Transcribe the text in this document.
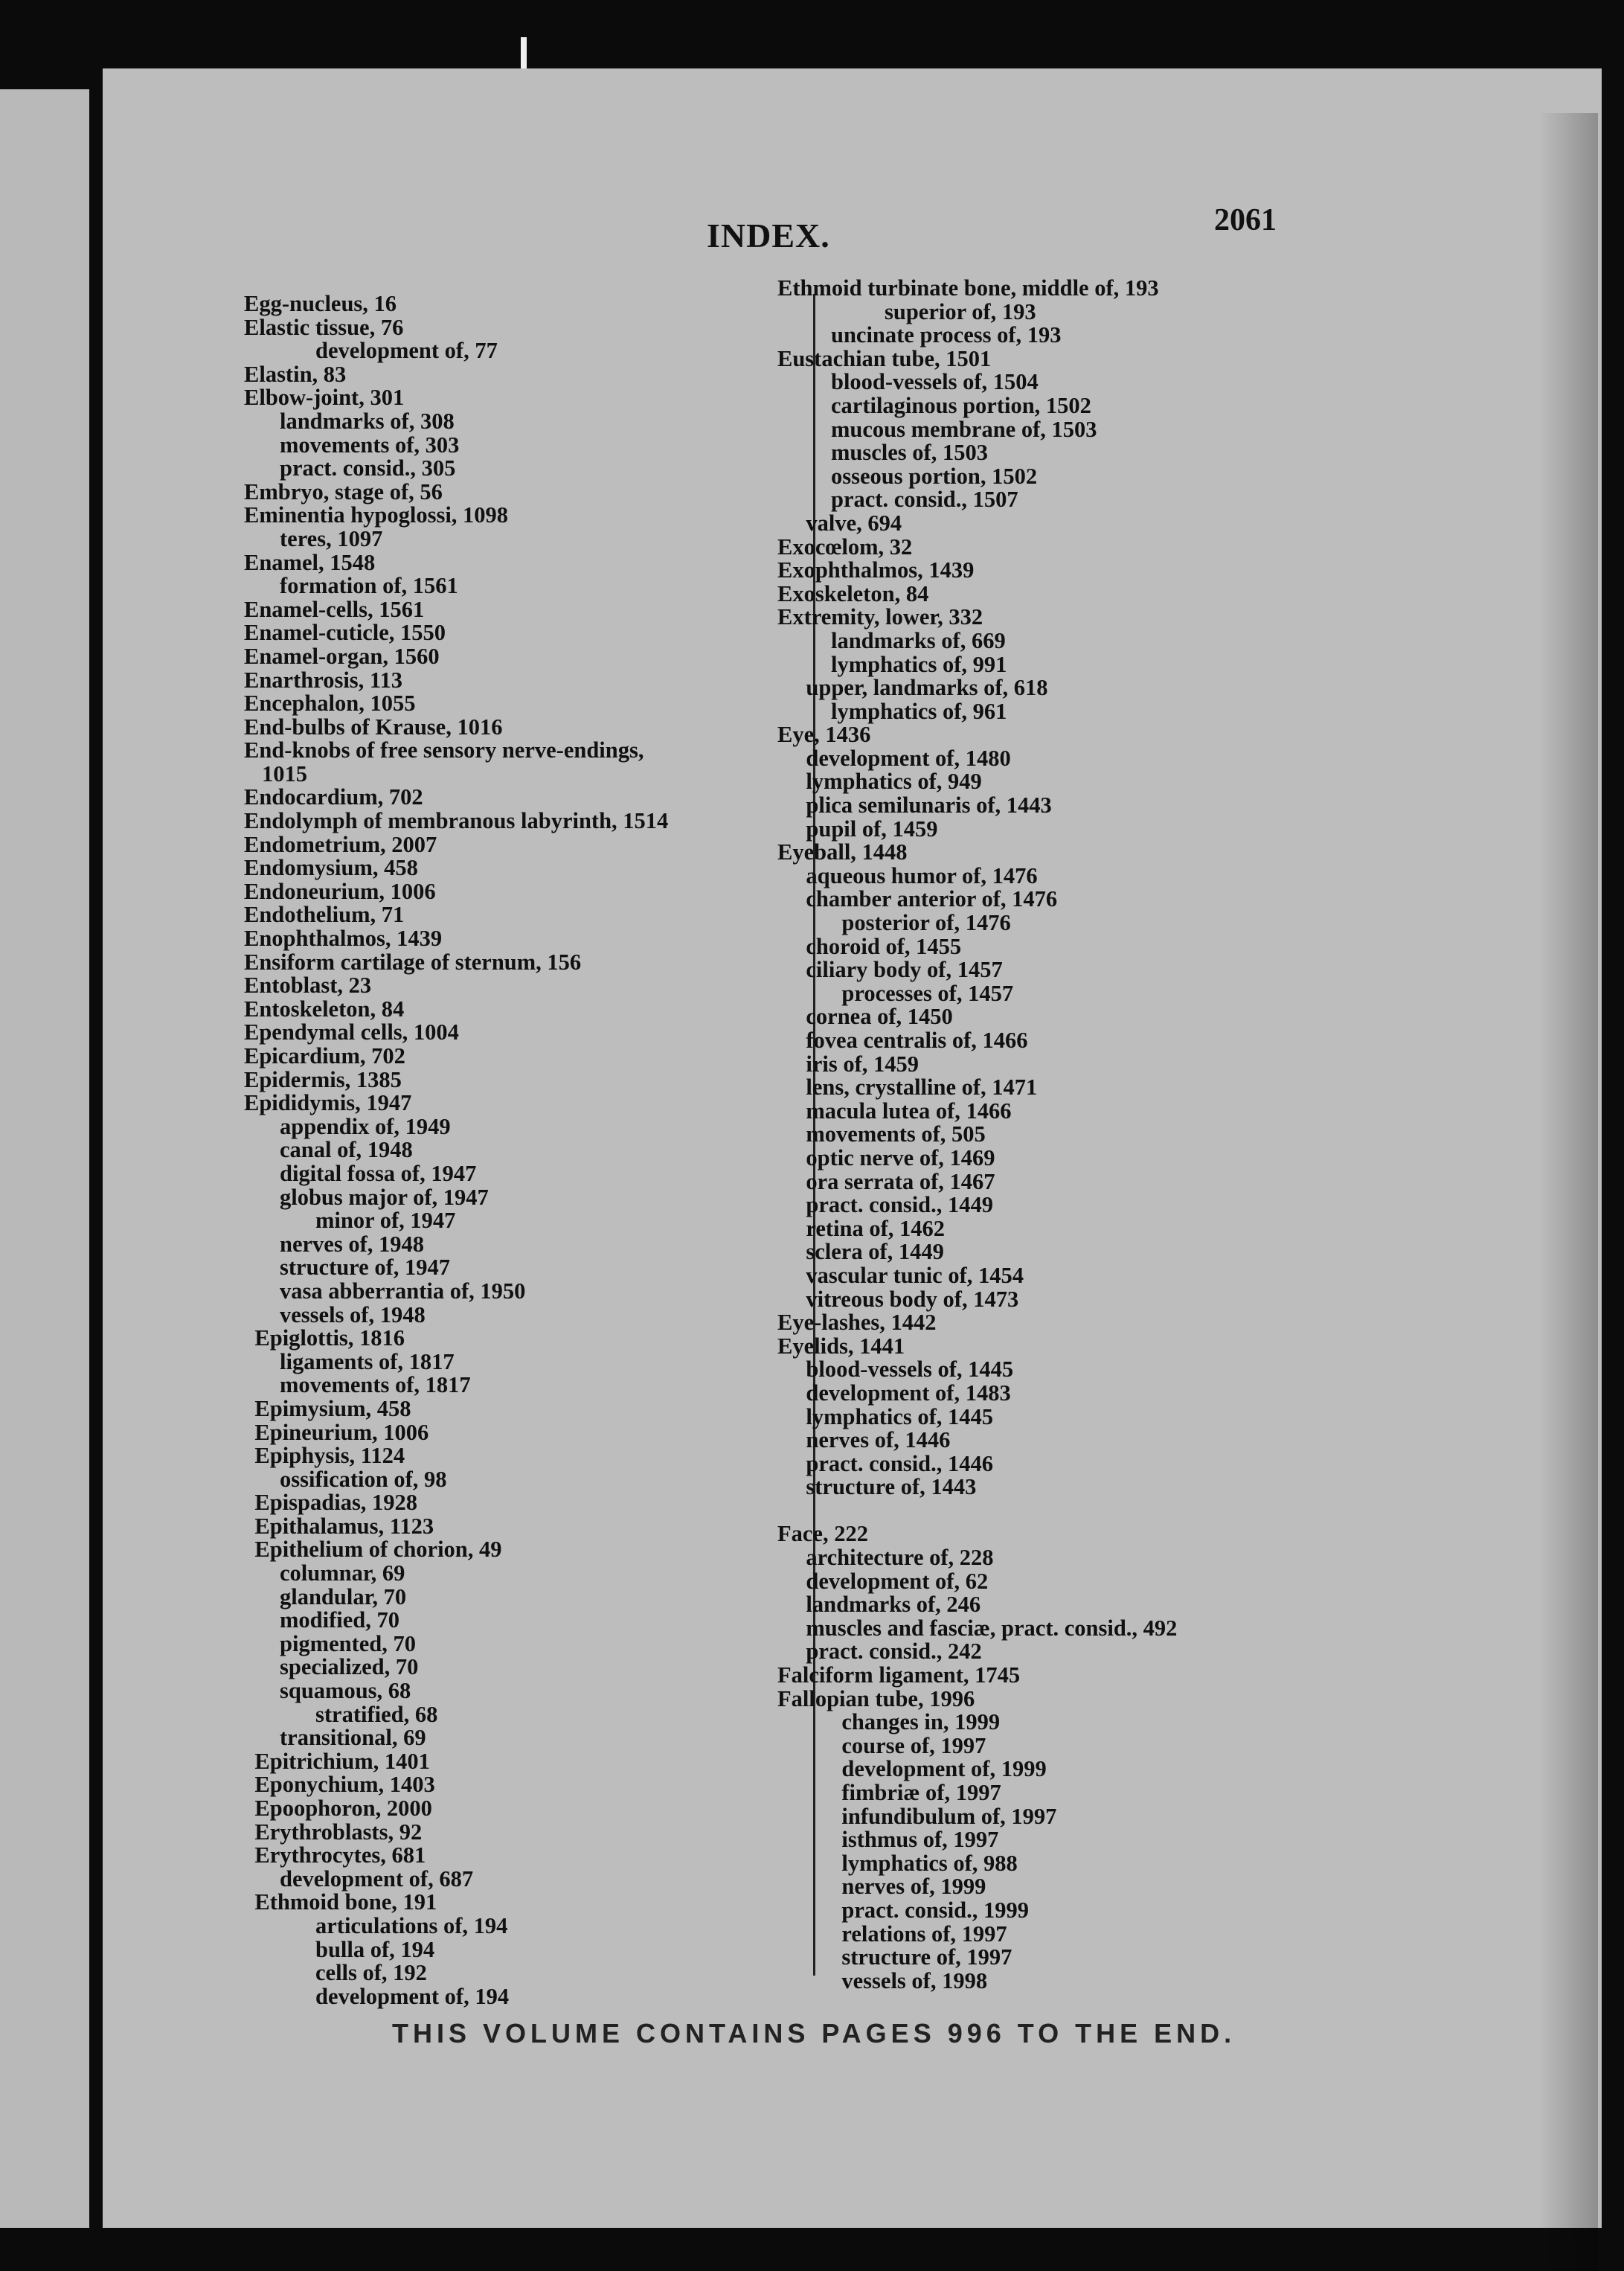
INDEX.	2061
Egg-nucleus, 16
Elastic tissue, 76
development of, 77
Elastin, 83
Elbow-joint, 301
landmarks of, 308
movements of, 303
pract. consid., 305
Embryo, stage of, 56
Eminentia hypoglossi, 1098
teres, 1097
Enamel, 1548
formation of, 1561
Enamel-cells, 1561
Enamel-cuticle, 1550
Enamel-organ, 1560
Enarthrosis, 113
Encephalon, 1055
End-bulbs of Krause, 1016
End-knobs of free sensory nerve-endings,
1015
Endocardium, 702
Endolymph of membranous labyrinth, 1514
Endometrium, 2007
Endomysium, 458
Endoneurium, 1006
Endothelium, 71
Enophthalmos, 1439
Ensiform cartilage of sternum, 156
Entoblast, 23
Entoskeleton, 84
Ependymal cells, 1004
Epicardium, 702
Epidermis, 1385
Epididymis, 1947
appendix of, 1949
canal of, 1948
digital fossa of, 1947
globus major of, 1947
minor of, 1947
nerves of, 1948
structure of, 1947
vasa abberrantia of, 1950
vessels of, 1948
Epiglottis, 1816
ligaments of, 1817
movements of, 1817
Epimysium, 458
Epineurium, 1006
Epiphysis, 1124
ossification of, 98
Epispadias, 1928
Epithalamus, 1123
Epithelium of chorion, 49
columnar, 69
glandular, 70
modified, 70
pigmented, 70
specialized, 70
squamous, 68
stratified, 68
transitional, 69
Epitrichium, 1401
Eponychium, 1403
Epoophoron, 2000
Erythroblasts, 92
Erythrocytes, 681
development of, 687
Ethmoid bone, 191
articulations of, 194
bulla of, 194
cells of, 192
development of, 194
Ethmoid turbinate bone, middle of, 193
superior of, 193
uncinate process of, 193
Eustachian tube, 1501
blood-vessels of, 1504
cartilaginous portion, 1502
mucous membrane of, 1503
muscles of, 1503
osseous portion, 1502
pract. consid., 1507
valve, 694
Exocœlom, 32
Exophthalmos, 1439
Exoskeleton, 84
Extremity, lower, 332
landmarks of, 669
lymphatics of, 991
upper, landmarks of, 618
lymphatics of, 961
Eye, 1436
development of, 1480
lymphatics of, 949
plica semilunaris of, 1443
pupil of, 1459
Eyeball, 1448
aqueous humor of, 1476
chamber anterior of, 1476
posterior of, 1476
choroid of, 1455
ciliary body of, 1457
processes of, 1457
cornea of, 1450
fovea centralis of, 1466
iris of, 1459
lens, crystalline of, 1471
macula lutea of, 1466
movements of, 505
optic nerve of, 1469
ora serrata of, 1467
pract. consid., 1449
retina of, 1462
sclera of, 1449
vascular tunic of, 1454
vitreous body of, 1473
Eye-lashes, 1442
Eyelids, 1441
blood-vessels of, 1445
development of, 1483
lymphatics of, 1445
nerves of, 1446
pract. consid., 1446
structure of, 1443
Face, 222
architecture of, 228
development of, 62
landmarks of, 246
muscles and fasciæ, pract. consid., 492
pract. consid., 242
Falciform ligament, 1745
Fallopian tube, 1996
changes in, 1999
course of, 1997
development of, 1999
fimbriæ of, 1997
infundibulum of, 1997
isthmus of, 1997
lymphatics of, 988
nerves of, 1999
pract. consid., 1999
relations of, 1997
structure of, 1997
vessels of, 1998
THIS VOLUME CONTAINS PAGES 996 TO THE END.
